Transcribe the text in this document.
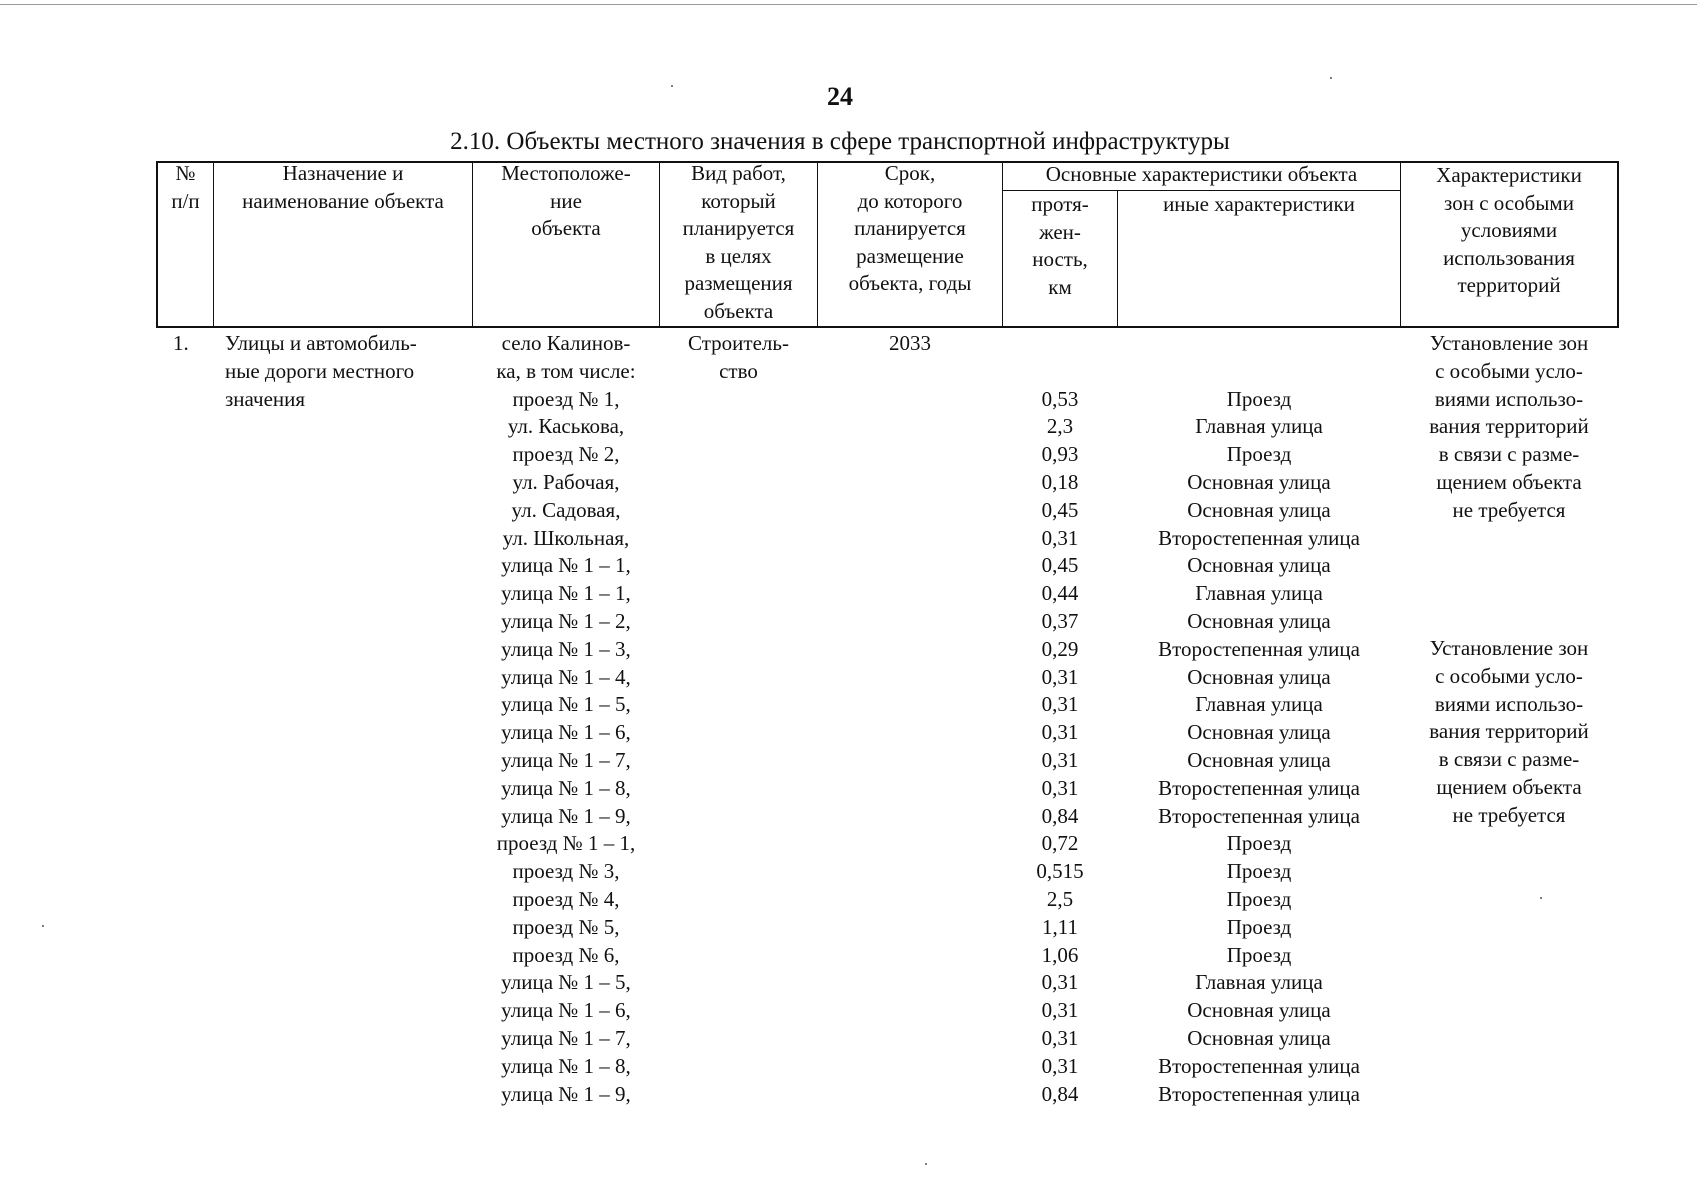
24
2.10. Объекты местного значения в сфере транспортной инфраструктуры
№
п/п
Назначение и
наименование объекта
Местоположе-
ние
объекта
Вид работ,
который
планируется
в целях
размещения
объекта
Срок,
до которого
планируется
размещение
объекта, годы
Основные характеристики объекта
протя-
жен-
ность,
км
иные характеристики
Характеристики
зон с особыми
условиями
использования
территорий
1.	Улицы и автомобиль-
ные дороги местного
значения
село Калинов-
ка, в том числе:
проезд № 1,
ул. Каськова,
проезд № 2,
ул. Рабочая,
ул. Садовая,
ул. Школьная,
улица № 1 – 1,
улица № 1 – 1,
улица № 1 – 2,
улица № 1 – 3,
улица № 1 – 4,
улица № 1 – 5,
улица № 1 – 6,
улица № 1 – 7,
улица № 1 – 8,
улица № 1 – 9,
проезд № 1 – 1,
проезд № 3,
проезд № 4,
проезд № 5,
проезд № 6,
улица № 1 – 5,
улица № 1 – 6,
улица № 1 – 7,
улица № 1 – 8,
улица № 1 – 9,
Строитель-
ство
2033
0,53
2,3
0,93
0,18
0,45
0,31
0,45
0,44
0,37
0,29
0,31
0,31
0,31
0,31
0,31
0,84
0,72
0,515
2,5
1,11
1,06
0,31
0,31
0,31
0,31
0,84
Проезд
Главная улица
Проезд
Основная улица
Основная улица
Второстепенная улица
Основная улица
Главная улица
Основная улица
Второстепенная улица
Основная улица
Главная улица
Основная улица
Основная улица
Второстепенная улица
Второстепенная улица
Проезд
Проезд
Проезд
Проезд
Проезд
Главная улица
Основная улица
Основная улица
Второстепенная улица
Второстепенная улица
Установление зон
с особыми усло-
виями использо-
вания территорий
в связи с разме-
щением объекта
не требуется
Установление зон
с особыми усло-
виями использо-
вания территорий
в связи с разме-
щением объекта
не требуется
